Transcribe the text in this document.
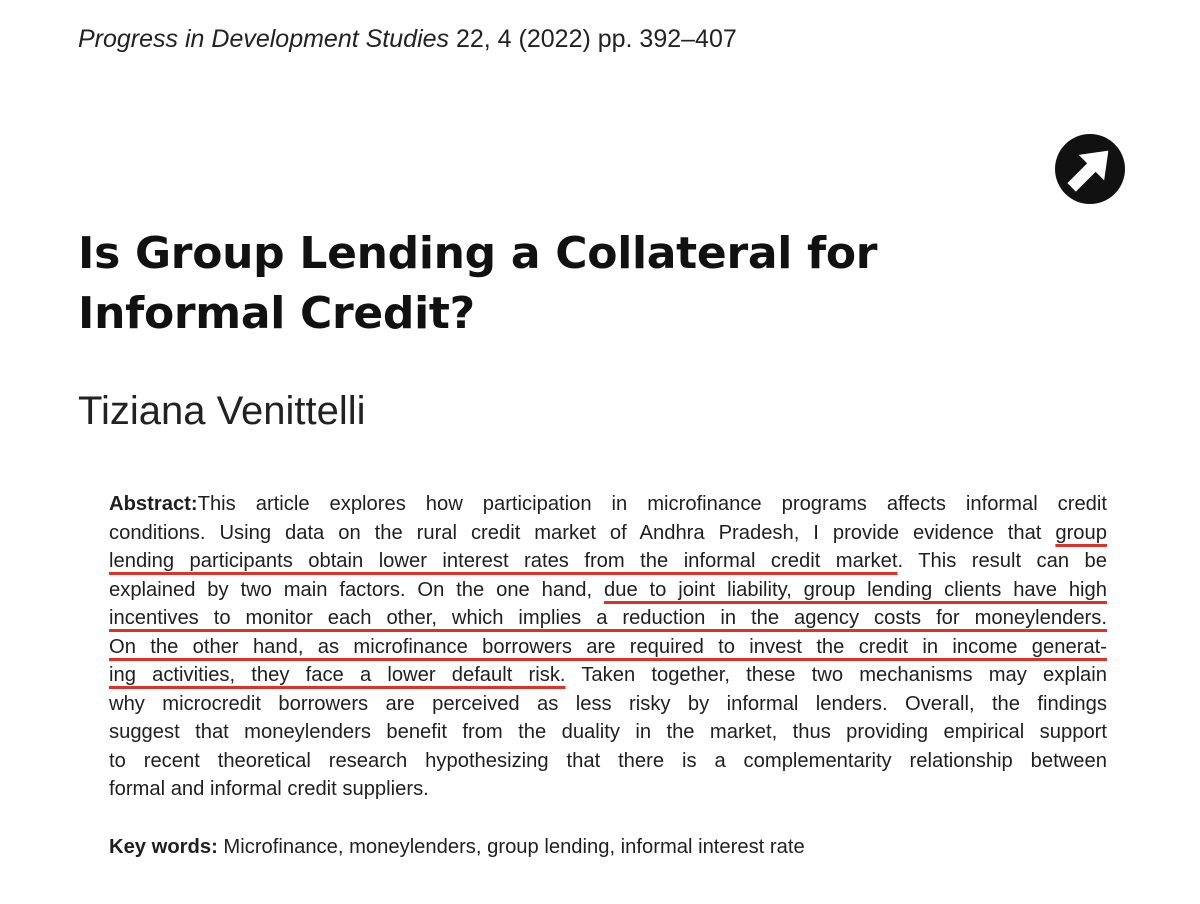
Progress in Development Studies 22, 4 (2022) pp. 392–407
Is Group Lending a Collateral for
Informal Credit?
Tiziana Venittelli
Abstract:This article explores how participation in microfinance programs affects informal credit
conditions. Using data on the rural credit market of Andhra Pradesh, I provide evidence that group
lending participants obtain lower interest rates from the informal credit market. This result can be
explained by two main factors. On the one hand, due to joint liability, group lending clients have high
incentives to monitor each other, which implies a reduction in the agency costs for moneylenders.
On the other hand, as microfinance borrowers are required to invest the credit in income generat-
ing activities, they face a lower default risk. Taken together, these two mechanisms may explain
why microcredit borrowers are perceived as less risky by informal lenders. Overall, the findings
suggest that moneylenders benefit from the duality in the market, thus providing empirical support
to recent theoretical research hypothesizing that there is a complementarity relationship between
formal and informal credit suppliers.
Key words: Microfinance, moneylenders, group lending, informal interest rate
